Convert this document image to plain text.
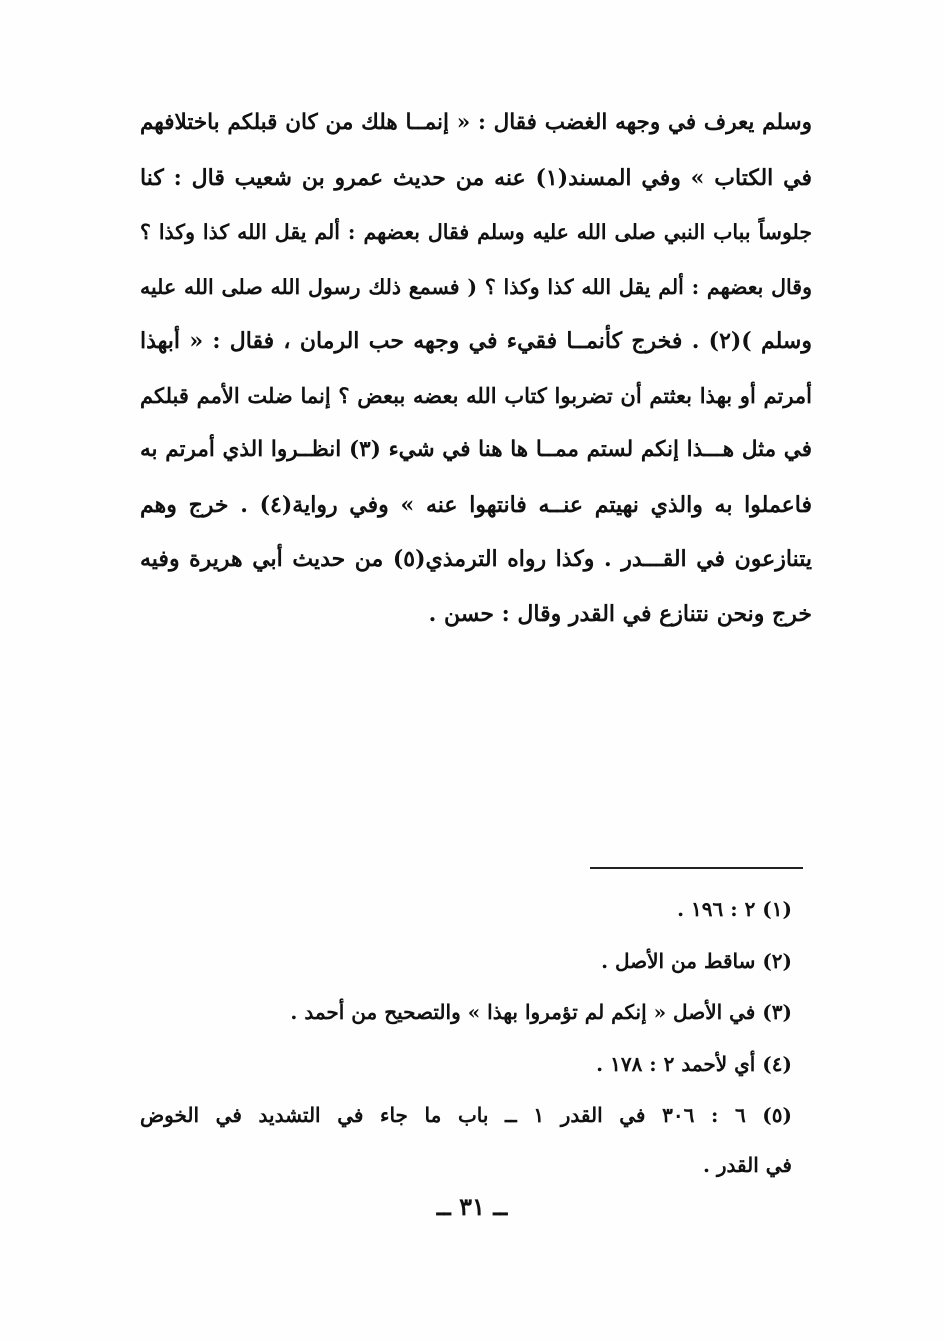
وسلم يعرف في وجهه الغضب فقال : « إنمــا هلك من كان قبلكم باختلافهم
في الكتاب » وفي المسند(١) عنه من حديث عمرو بن شعيب قال : كنا
جلوساً بباب النبي صلى الله عليه وسلم فقال بعضهم : ألم يقل الله كذا وكذا ؟
وقال بعضهم : ألم يقل الله كذا وكذا ؟ ( فسمع ذلك رسول الله صلى الله عليه
وسلم )(٢) . فخرج كأنمــا فقيء في وجهه حب الرمان ، فقال : « أبهذا
أمرتم أو بهذا بعثتم أن تضربوا كتاب الله بعضه ببعض ؟ إنما ضلت الأمم قبلكم
في مثل هـــذا إنكم لستم ممــا ها هنا في شيء (٣) انظــروا الذي أمرتم به
فاعملوا به والذي نهيتم عنــه فانتهوا عنه » وفي رواية(٤) . خرج وهم
يتنازعون في القـــدر . وكذا رواه الترمذي(٥) من حديث أبي هريرة وفيه
خرج ونحن نتنازع في القدر وقال : حسن .
(١) ٢ : ١٩٦ .
(٢) ساقط من الأصل .
(٣) في الأصل « إنكم لم تؤمروا بهذا » والتصحيح من أحمد .
(٤) أي لأحمد ٢ : ١٧٨ .
(٥) ٦ : ٣٠٦ في القدر ١ ــ باب ما جاء في التشديد في الخوض
في القدر .
ــ ٣١ ــ
